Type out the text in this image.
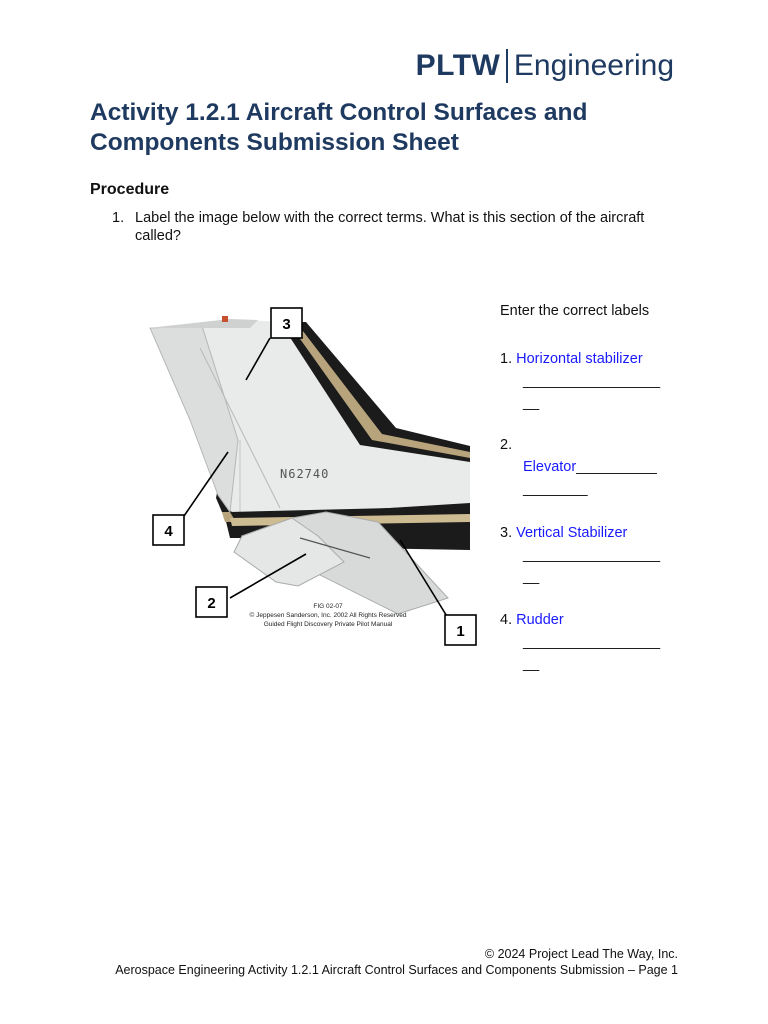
PLTW Engineering
Activity 1.2.1 Aircraft Control Surfaces and Components Submission Sheet
Procedure
1. Label the image below with the correct terms. What is this section of the aircraft called?
N62740
3
4
2
1
FIG 02-07
© Jeppesen Sanderson, Inc. 2002 All Rights Reserved
Guided Flight Discovery Private Pilot Manual
Enter the correct labels
1. Horizontal stabilizer
_________________
__
2.
Elevator__________
________
3. Vertical Stabilizer
_________________
__
4. Rudder
_________________
__
© 2024 Project Lead The Way, Inc.
Aerospace Engineering Activity 1.2.1 Aircraft Control Surfaces and Components Submission – Page 1
